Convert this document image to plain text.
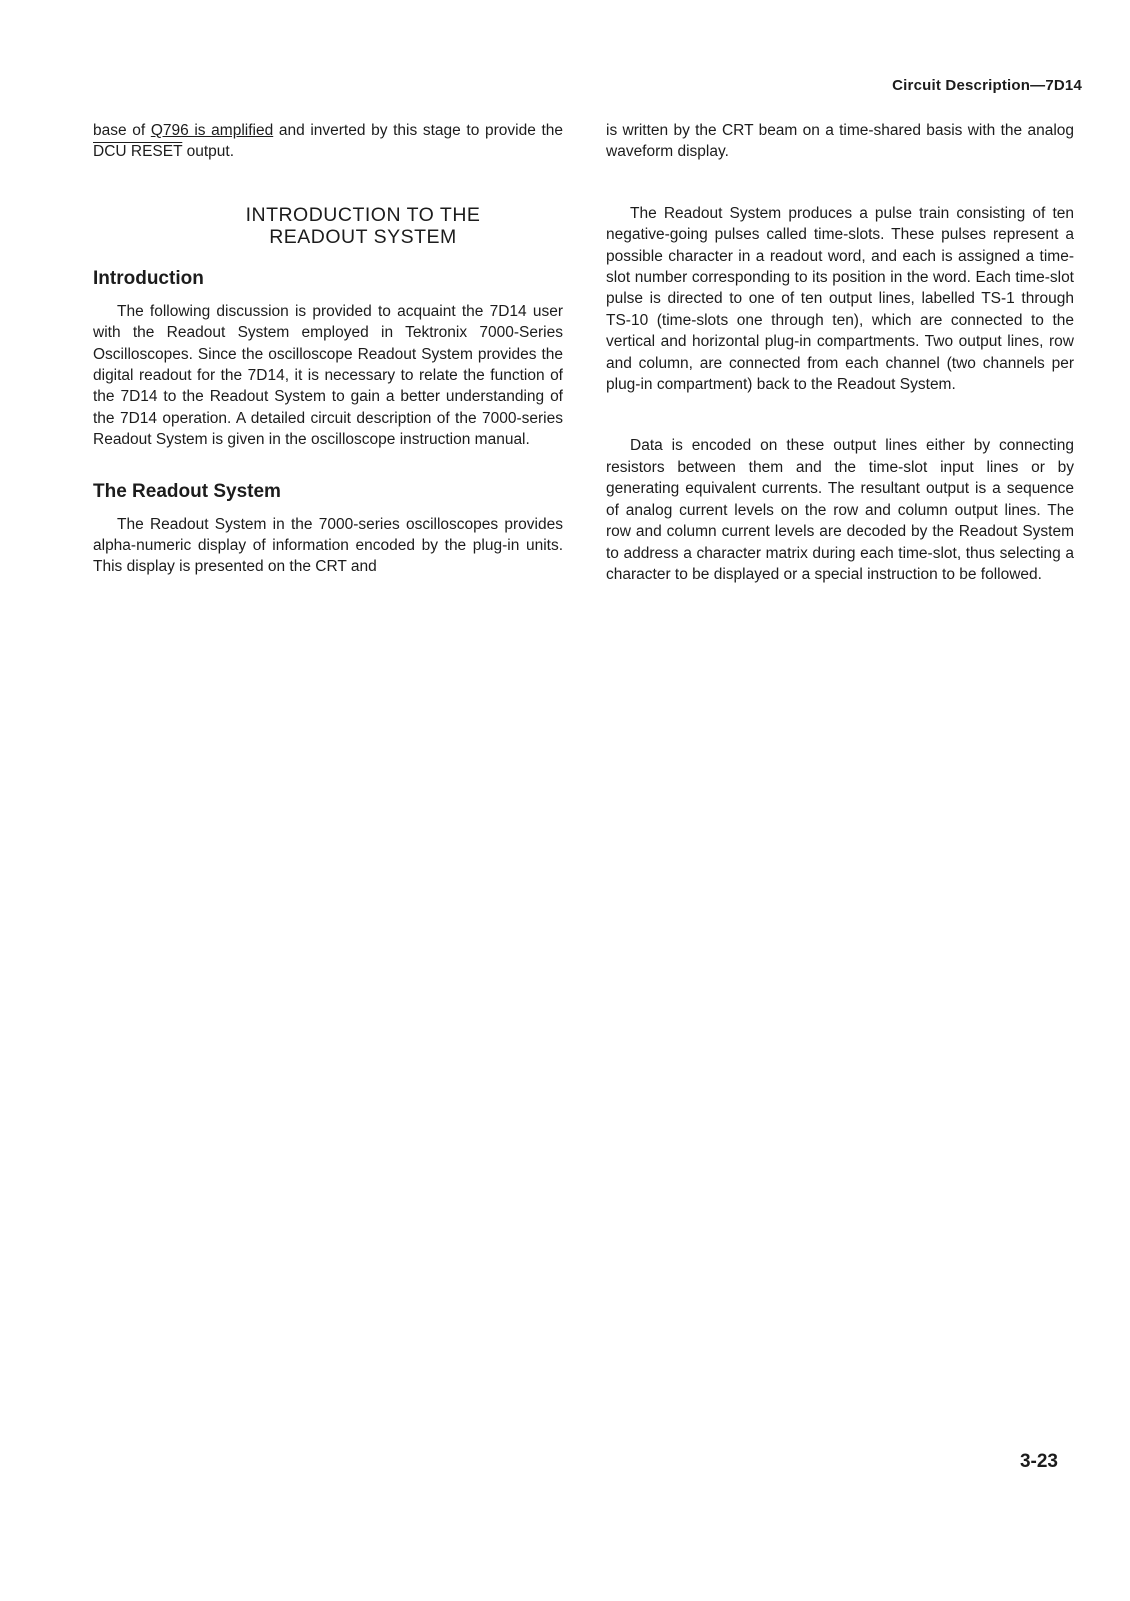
Circuit Description—7D14

base of Q796 is amplified and inverted by this stage to provide the DCU RESET output.

INTRODUCTION TO THE
READOUT SYSTEM
Introduction

The following discussion is provided to acquaint the 7D14 user with the Readout System employed in Tektronix 7000-Series Oscilloscopes. Since the oscilloscope Readout System provides the digital readout for the 7D14, it is necessary to relate the function of the 7D14 to the Readout System to gain a better understanding of the 7D14 operation. A detailed circuit description of the 7000-series Readout System is given in the oscilloscope instruction manual.

The Readout System

The Readout System in the 7000-series oscilloscopes provides alpha-numeric display of information encoded by the plug-in units. This display is presented on the CRT and

is written by the CRT beam on a time-shared basis with the analog waveform display.

The Readout System produces a pulse train consisting of ten negative-going pulses called time-slots. These pulses represent a possible character in a readout word, and each is assigned a time-slot number corresponding to its position in the word. Each time-slot pulse is directed to one of ten output lines, labelled TS-1 through TS-10 (time-slots one through ten), which are connected to the vertical and horizontal plug-in compartments. Two output lines, row and column, are connected from each channel (two channels per plug-in compartment) back to the Readout System.

Data is encoded on these output lines either by connecting resistors between them and the time-slot input lines or by generating equivalent currents. The resultant output is a sequence of analog current levels on the row and column output lines. The row and column current levels are decoded by the Readout System to address a character matrix during each time-slot, thus selecting a character to be displayed or a special instruction to be followed.

3-23
